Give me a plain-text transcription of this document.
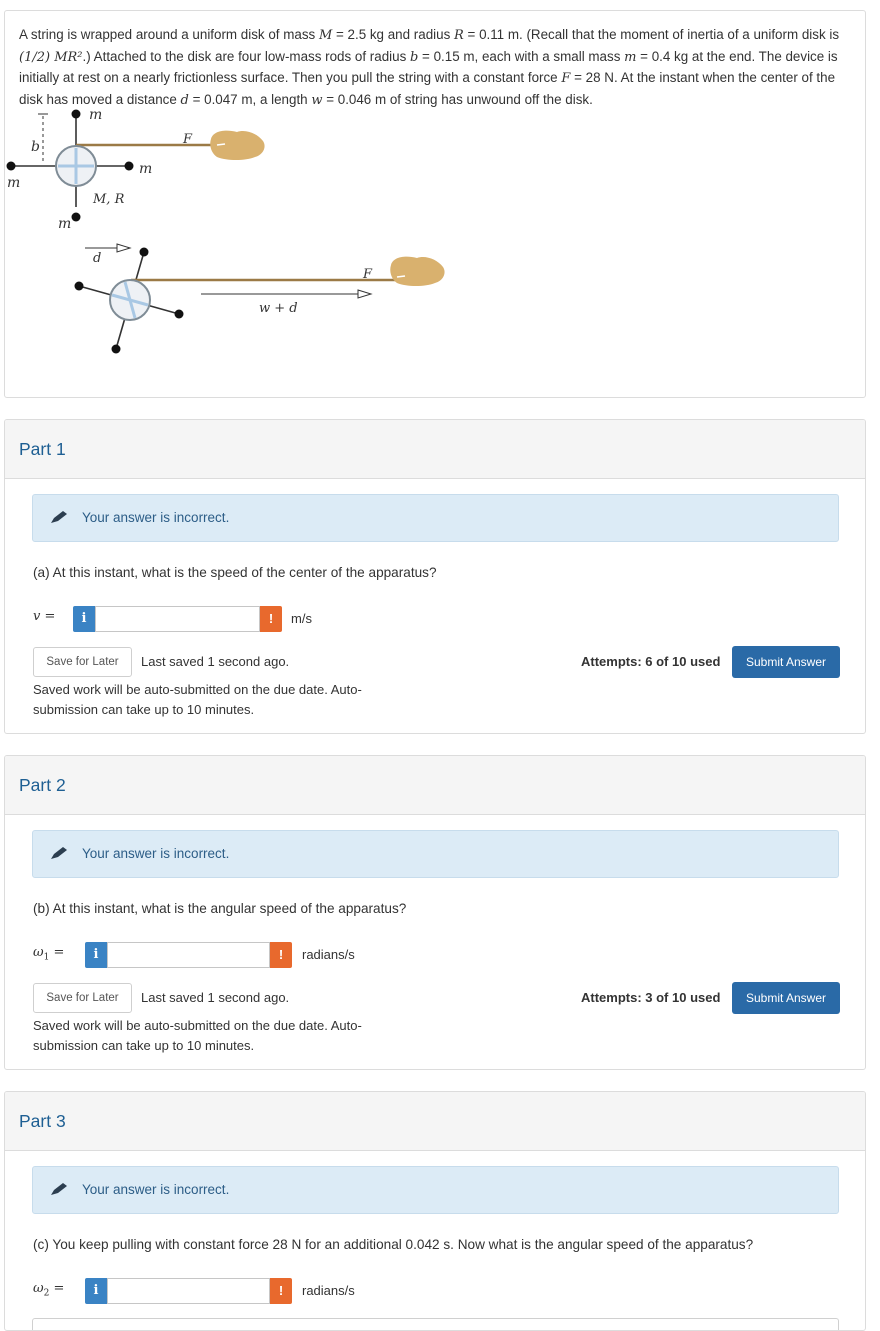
A string is wrapped around a uniform disk of mass M = 2.5 kg and radius R = 0.11 m. (Recall that the moment of inertia of a uniform disk is (1/2) MR².) Attached to the disk are four low-mass rods of radius b = 0.15 m, each with a small mass m = 0.4 kg at the end. The device is initially at rest on a nearly frictionless surface. Then you pull the string with a constant force F = 28 N. At the instant when the center of the disk has moved a distance d = 0.047 m, a length w = 0.046 m of string has unwound off the disk.
m
b	F
m
m
M, R
m
d
F
w + d
Part 1
Your answer is incorrect.
(a) At this instant, what is the speed of the center of the apparatus?
v =	i	!	m/s
Save for Later	Last saved 1 second ago.
Saved work will be auto-submitted on the due date. Auto-submission can take up to 10 minutes.
Attempts: 6 of 10 used	Submit Answer
Part 2
Your answer is incorrect.
(b) At this instant, what is the angular speed of the apparatus?
$\omega_1$ =	i	!	radians/s
Save for Later	Last saved 1 second ago.
Saved work will be auto-submitted on the due date. Auto-submission can take up to 10 minutes.
Attempts: 3 of 10 used	Submit Answer
Part 3
Your answer is incorrect.
(c) You keep pulling with constant force 28 N for an additional 0.042 s. Now what is the angular speed of the apparatus?
$\omega_2$ =	i	!	radians/s
